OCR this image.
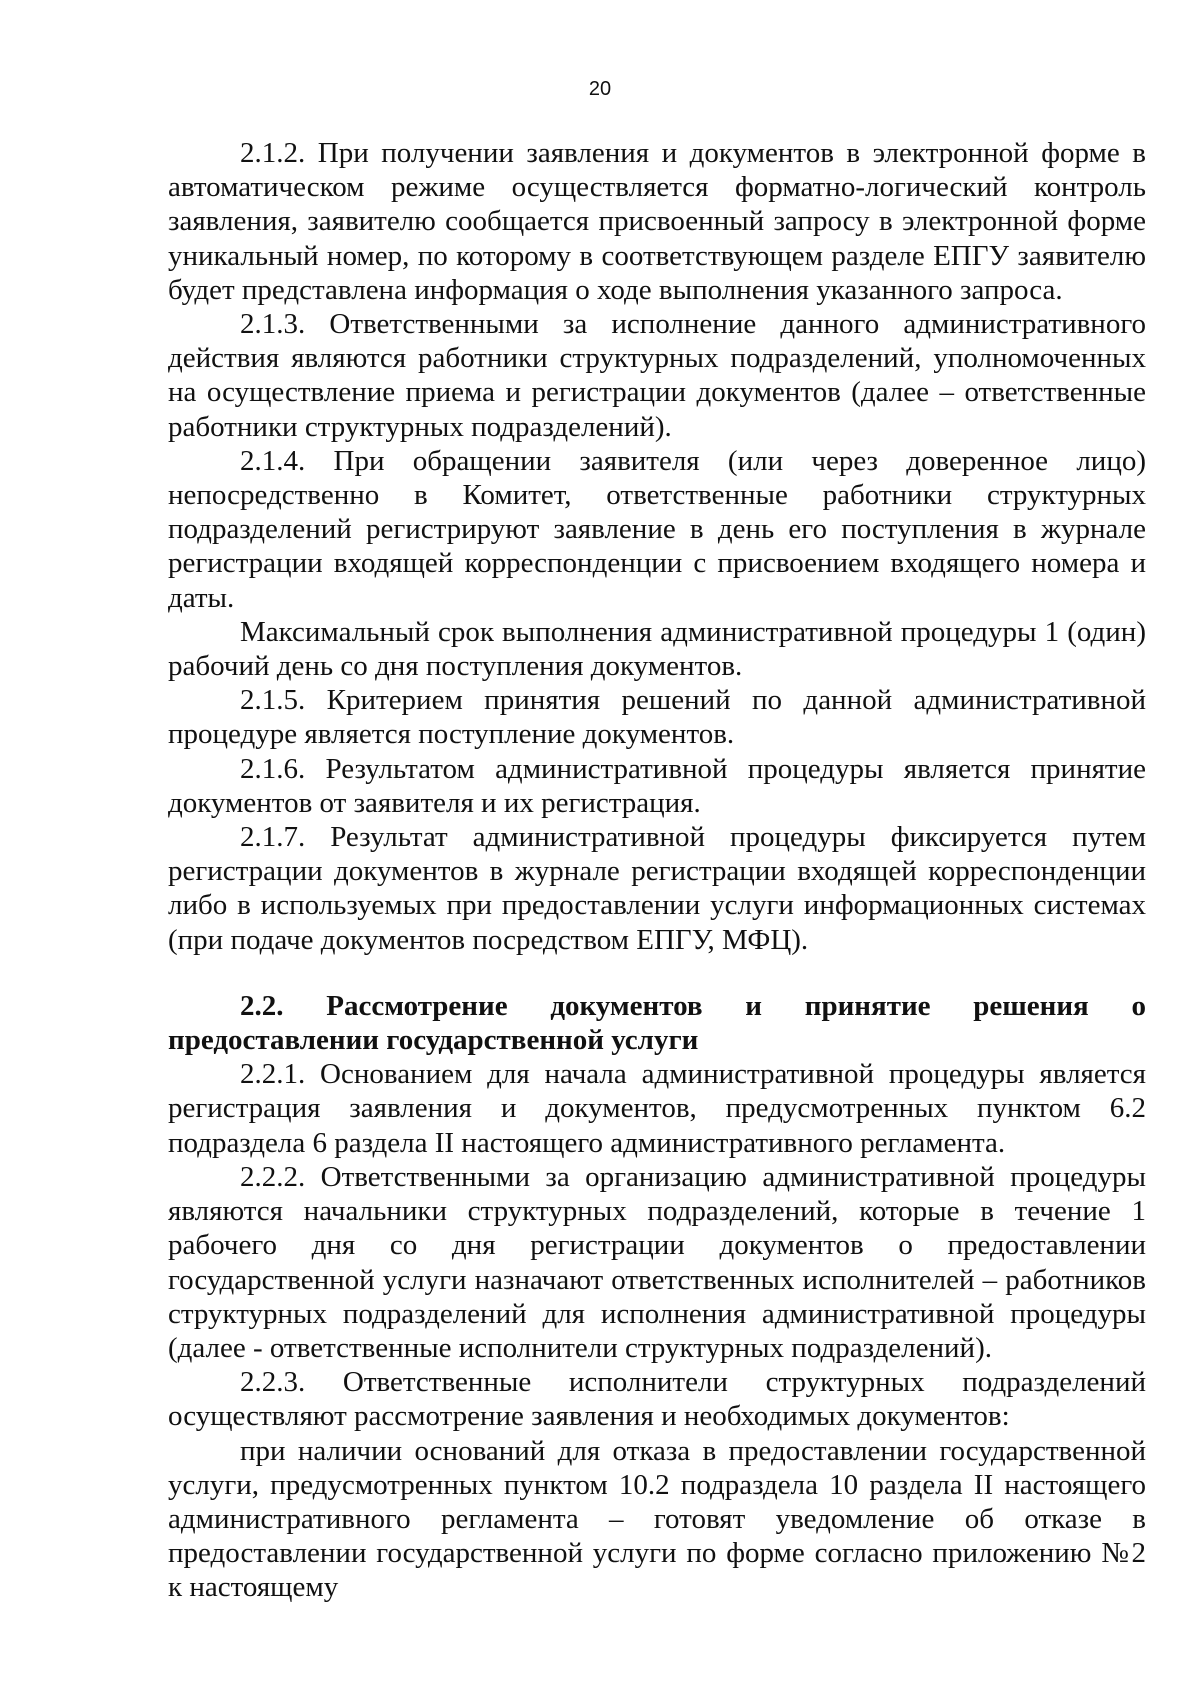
20

2.1.2. При получении заявления и документов в электронной форме в автоматическом режиме осуществляется форматно-логический контроль заявления, заявителю сообщается присвоенный запросу в электронной форме уникальный номер, по которому в соответствующем разделе ЕПГУ заявителю будет представлена информация о ходе выполнения указанного запроса.

2.1.3. Ответственными за исполнение данного административного действия являются работники структурных подразделений, уполномоченных на осуществление приема и регистрации документов (далее – ответственные работники структурных подразделений).

2.1.4. При обращении заявителя (или через доверенное лицо) непосредственно в Комитет, ответственные работники структурных подразделений регистрируют заявление в день его поступления в журнале регистрации входящей корреспонденции с присвоением входящего номера и даты.

Максимальный срок выполнения административной процедуры 1 (один) рабочий день со дня поступления документов.

2.1.5. Критерием принятия решений по данной административной процедуре является поступление документов.

2.1.6. Результатом административной процедуры является принятие документов от заявителя и их регистрация.

2.1.7. Результат административной процедуры фиксируется путем регистрации документов в журнале регистрации входящей корреспонденции либо в используемых при предоставлении услуги информационных системах (при подаче документов посредством ЕПГУ, МФЦ).

2.2. Рассмотрение документов и принятие решения о предоставлении государственной услуги

2.2.1. Основанием для начала административной процедуры является регистрация заявления и документов, предусмотренных пунктом 6.2 подраздела 6 раздела II настоящего административного регламента.

2.2.2. Ответственными за организацию административной процедуры являются начальники структурных подразделений, которые в течение 1 рабочего дня со дня регистрации документов о предоставлении государственной услуги назначают ответственных исполнителей – работников структурных подразделений для исполнения административной процедуры (далее - ответственные исполнители структурных подразделений).

2.2.3. Ответственные исполнители структурных подразделений осуществляют рассмотрение заявления и необходимых документов:

при наличии оснований для отказа в предоставлении государственной услуги, предусмотренных пунктом 10.2 подраздела 10 раздела II настоящего административного регламента – готовят уведомление об отказе в предоставлении государственной услуги по форме согласно приложению №2 к настоящему
